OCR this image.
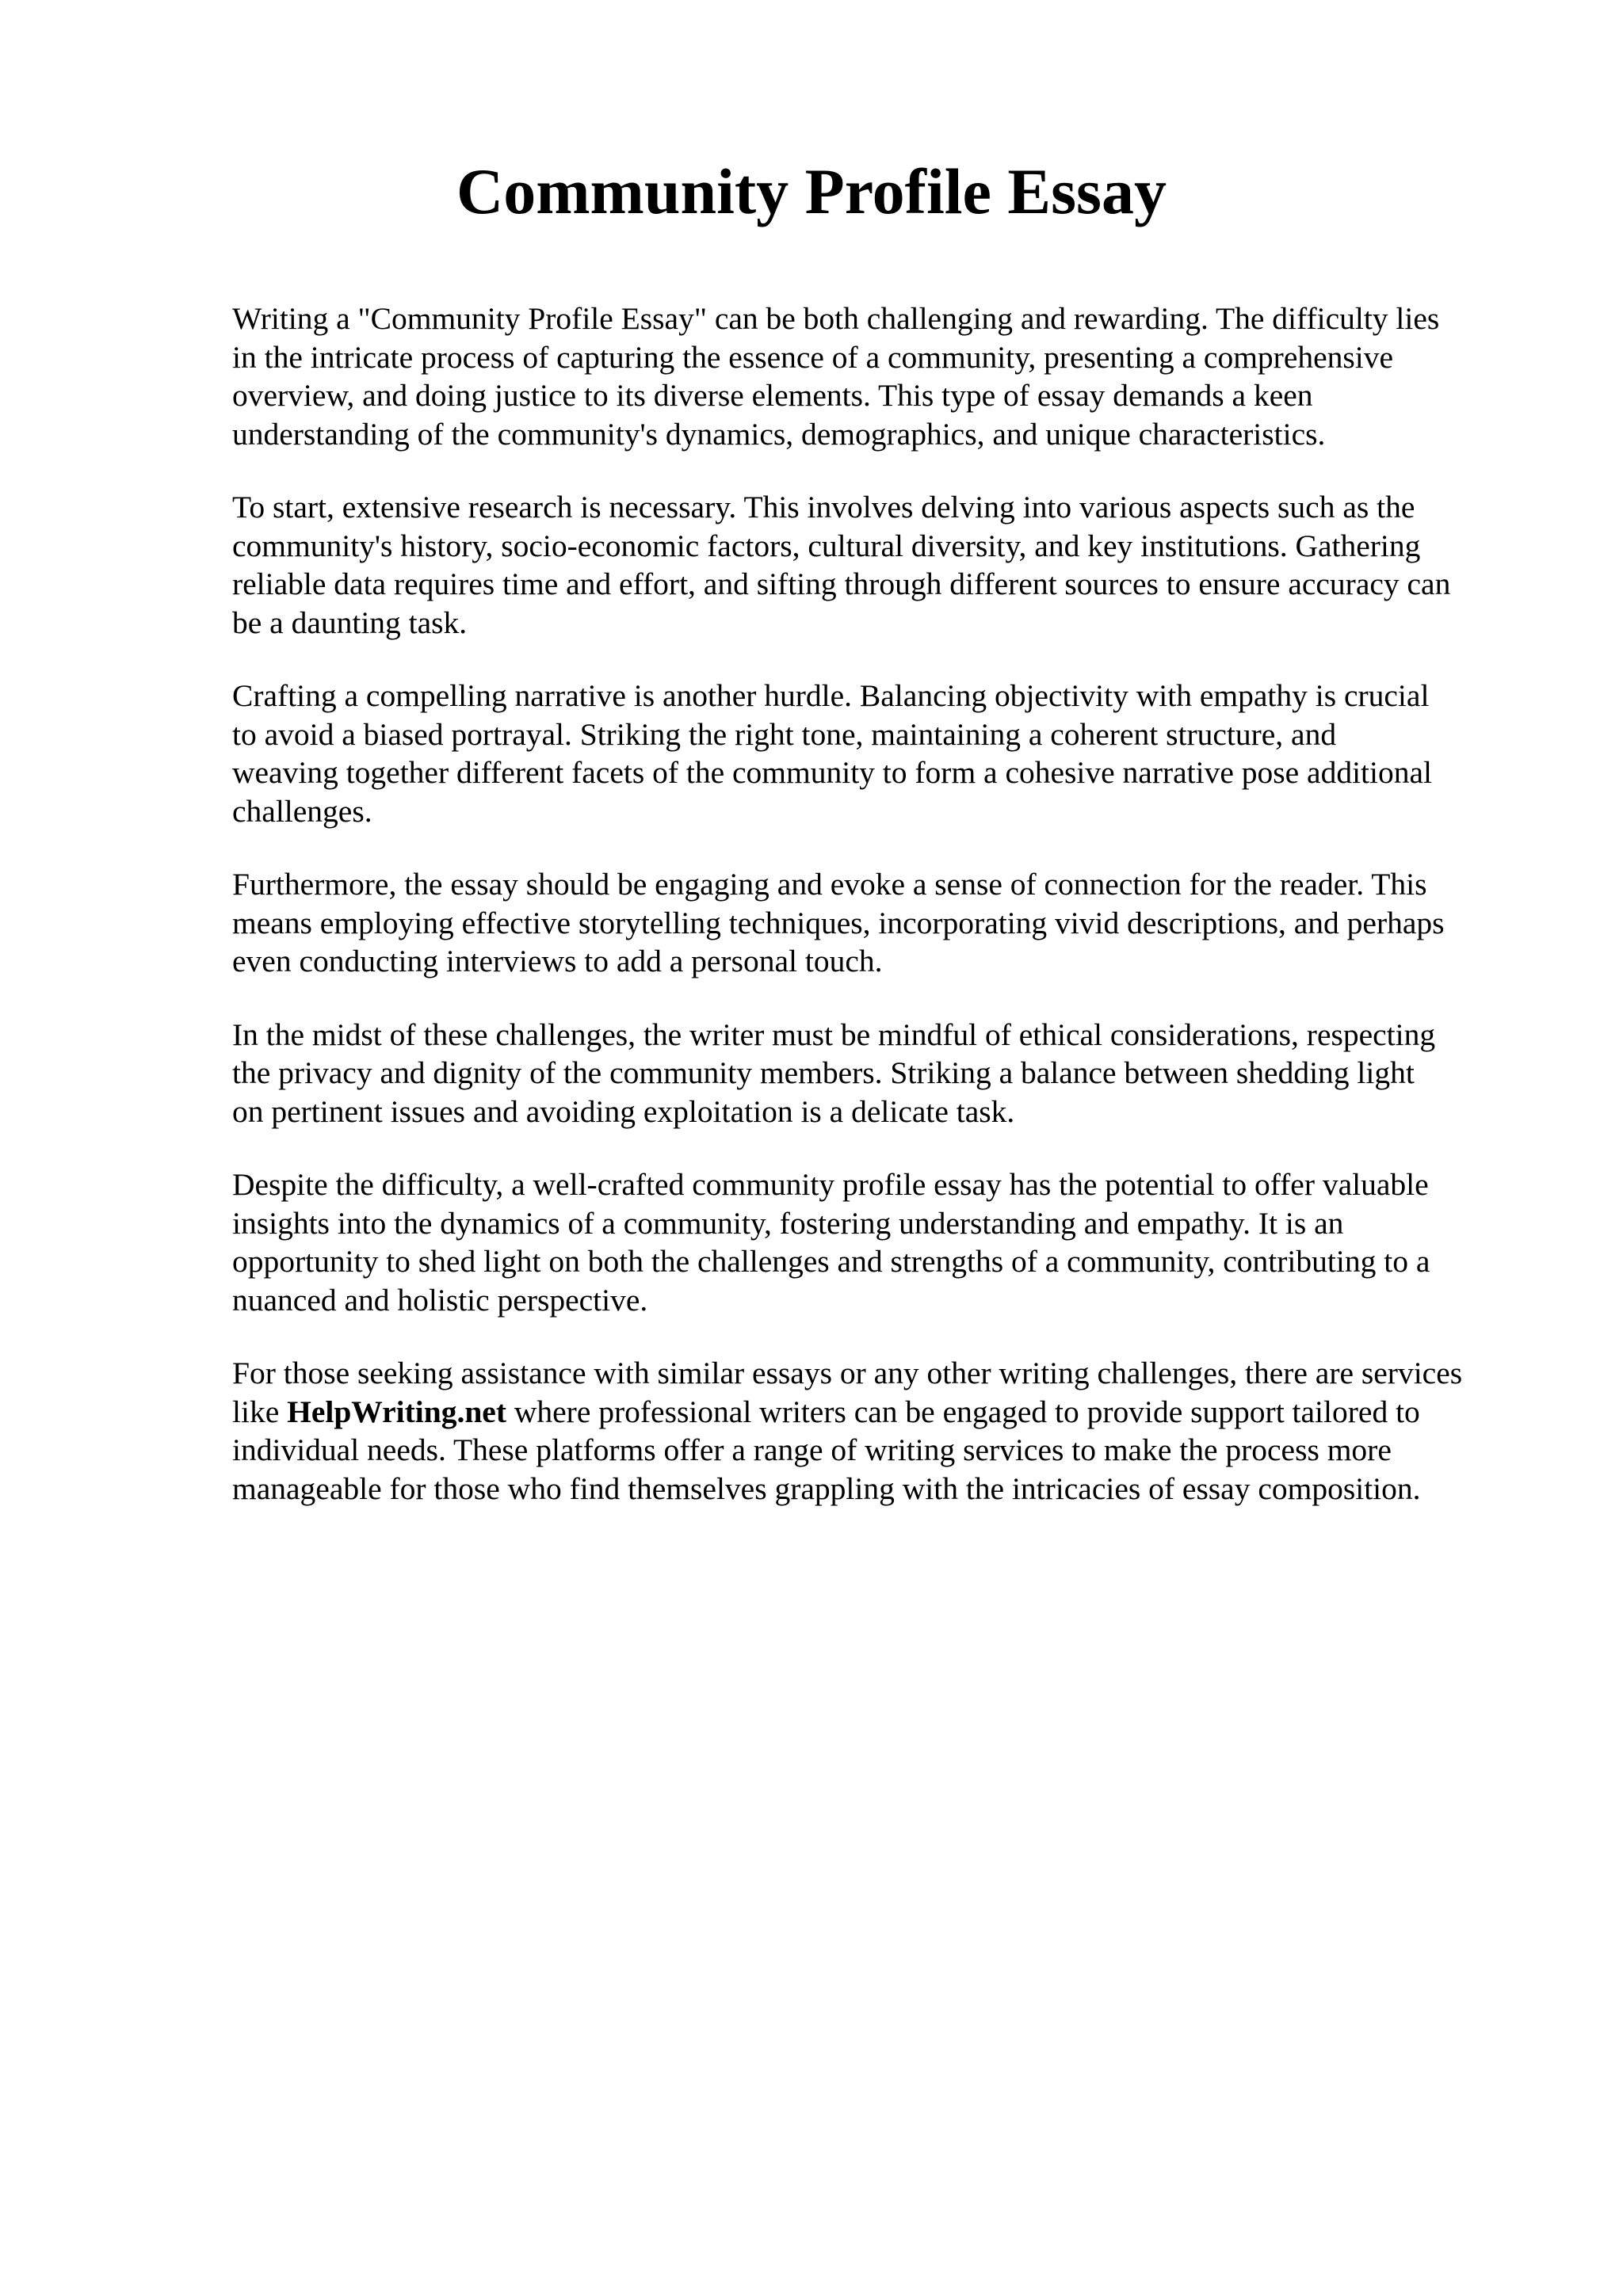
Community Profile Essay

Writing a "Community Profile Essay" can be both challenging and rewarding. The difficulty lies
in the intricate process of capturing the essence of a community, presenting a comprehensive
overview, and doing justice to its diverse elements. This type of essay demands a keen
understanding of the community's dynamics, demographics, and unique characteristics.

To start, extensive research is necessary. This involves delving into various aspects such as the
community's history, socio-economic factors, cultural diversity, and key institutions. Gathering
reliable data requires time and effort, and sifting through different sources to ensure accuracy can
be a daunting task.

Crafting a compelling narrative is another hurdle. Balancing objectivity with empathy is crucial
to avoid a biased portrayal. Striking the right tone, maintaining a coherent structure, and
weaving together different facets of the community to form a cohesive narrative pose additional
challenges.

Furthermore, the essay should be engaging and evoke a sense of connection for the reader. This
means employing effective storytelling techniques, incorporating vivid descriptions, and perhaps
even conducting interviews to add a personal touch.

In the midst of these challenges, the writer must be mindful of ethical considerations, respecting
the privacy and dignity of the community members. Striking a balance between shedding light
on pertinent issues and avoiding exploitation is a delicate task.

Despite the difficulty, a well-crafted community profile essay has the potential to offer valuable
insights into the dynamics of a community, fostering understanding and empathy. It is an
opportunity to shed light on both the challenges and strengths of a community, contributing to a
nuanced and holistic perspective.

For those seeking assistance with similar essays or any other writing challenges, there are services
like HelpWriting.net where professional writers can be engaged to provide support tailored to
individual needs. These platforms offer a range of writing services to make the process more
manageable for those who find themselves grappling with the intricacies of essay composition.
